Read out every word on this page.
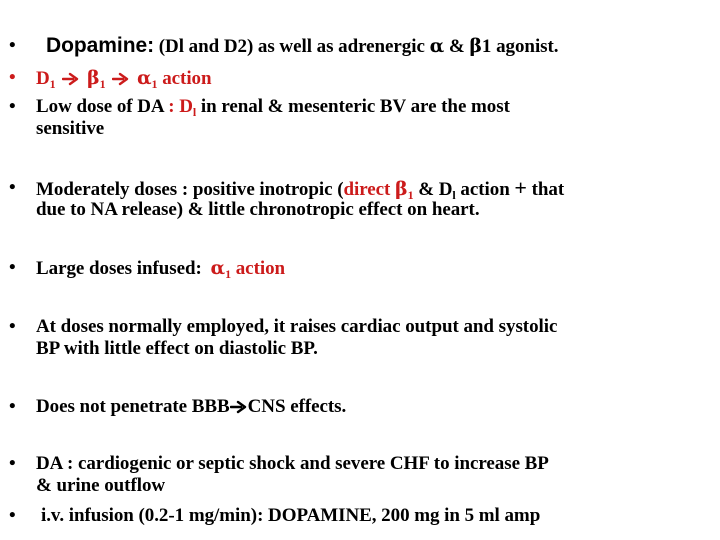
• Dopamine: (Dl and D2) as well as adrenergic α & β1 agonist.
• $D_1$ $\beta_1$ $\alpha_1$ action
• Low dose of DA : $D_l$ in renal & mesenteric BV are the most
sensitive
• Moderately doses : positive inotropic (direct $\beta_1$ & $D_l$ action + that
due to NA release) & little chronotropic effect on heart.
• Large doses infused: $\alpha_1$ action
• At doses normally employed, it raises cardiac output and systolic
BP with little effect on diastolic BP.
• Does not penetrate BBB CNS effects.
• DA : cardiogenic or septic shock and severe CHF to increase BP
& urine outflow
• i.v. infusion (0.2-1 mg/min): DOPAMINE, 200 mg in 5 ml amp
